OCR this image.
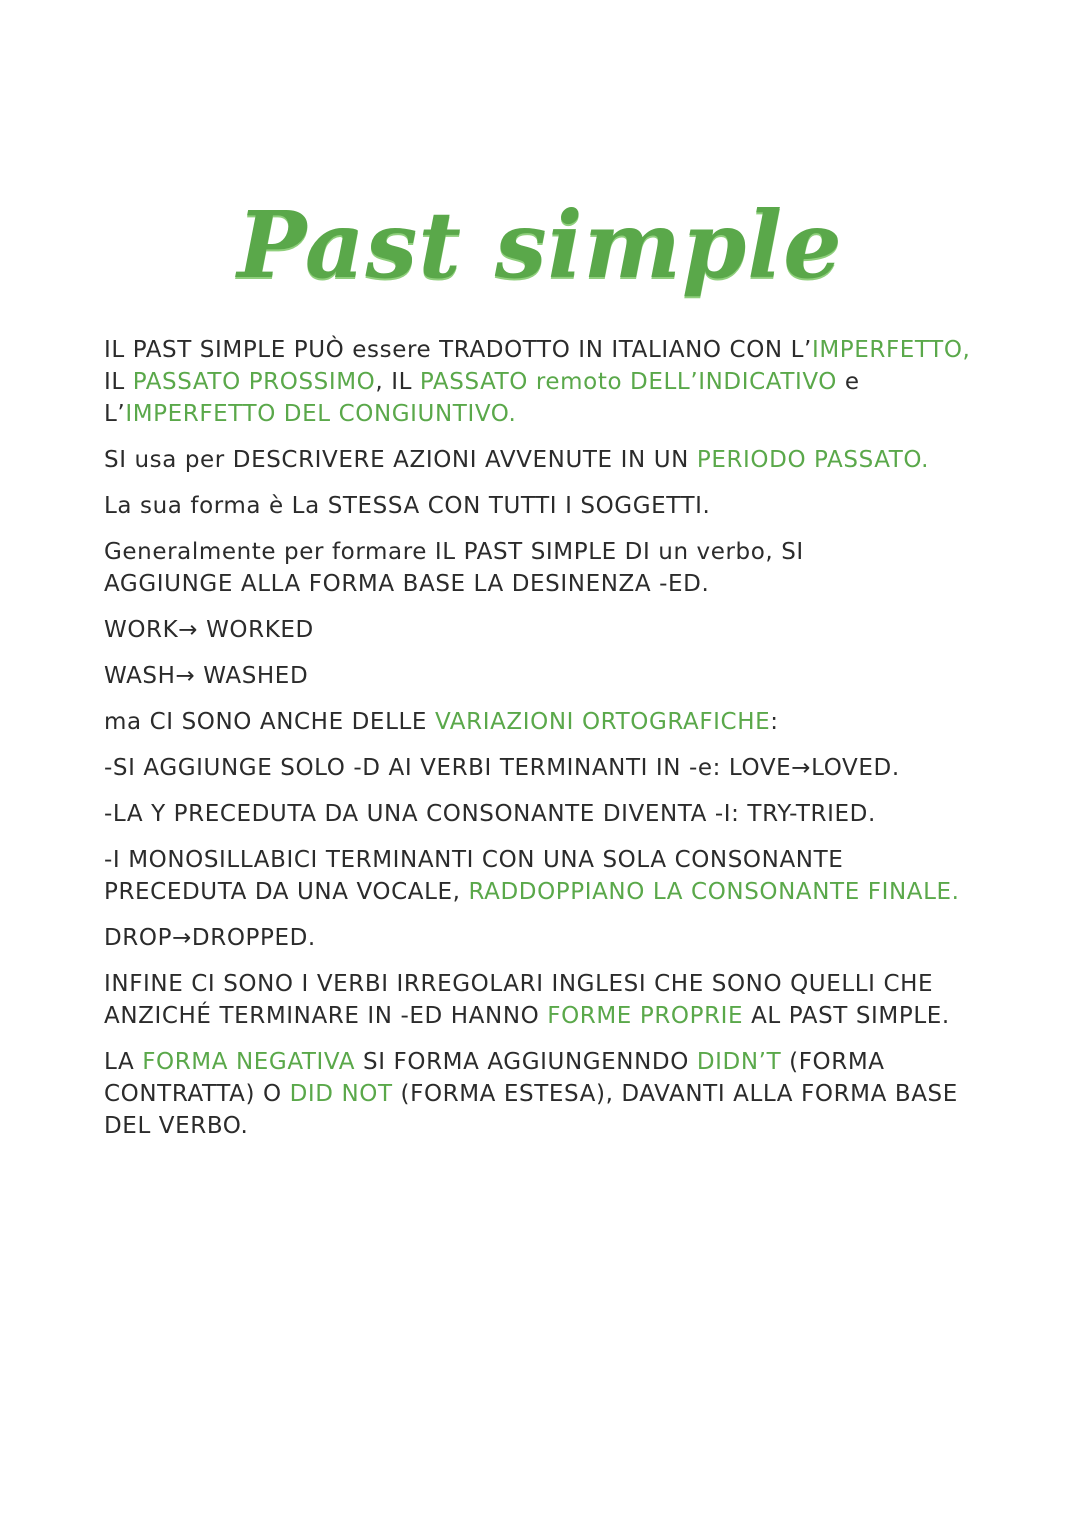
Past simple

IL PAST SIMPLE PUÒ essere TRADOTTO IN ITALIANO CON L’IMPERFETTO,
IL PASSATO PROSSIMO, IL PASSATO remoto DELL’INDICATIVO e
L’IMPERFETTO DEL CONGIUNTIVO.

SI usa per DESCRIVERE AZIONI AVVENUTE IN UN PERIODO PASSATO.

La sua forma è La STESSA CON TUTTI I SOGGETTI.

Generalmente per formare IL PAST SIMPLE DI un verbo, SI
AGGIUNGE ALLA FORMA BASE LA DESINENZA -ED.

WORK→ WORKED

WASH→ WASHED

ma CI SONO ANCHE DELLE VARIAZIONI ORTOGRAFICHE:

-SI AGGIUNGE SOLO -D AI VERBI TERMINANTI IN -e: LOVE→LOVED.

-LA Y PRECEDUTA DA UNA CONSONANTE DIVENTA -I: TRY-TRIED.

-I MONOSILLABICI TERMINANTI CON UNA SOLA CONSONANTE
PRECEDUTA DA UNA VOCALE, RADDOPPIANO LA CONSONANTE FINALE.

DROP→DROPPED.

INFINE CI SONO I VERBI IRREGOLARI INGLESI CHE SONO QUELLI CHE
ANZICHÉ TERMINARE IN -ED HANNO FORME PROPRIE AL PAST SIMPLE.

LA FORMA NEGATIVA SI FORMA AGGIUNGENNDO DIDN’T (FORMA
CONTRATTA) O DID NOT (FORMA ESTESA), DAVANTI ALLA FORMA BASE
DEL VERBO.
